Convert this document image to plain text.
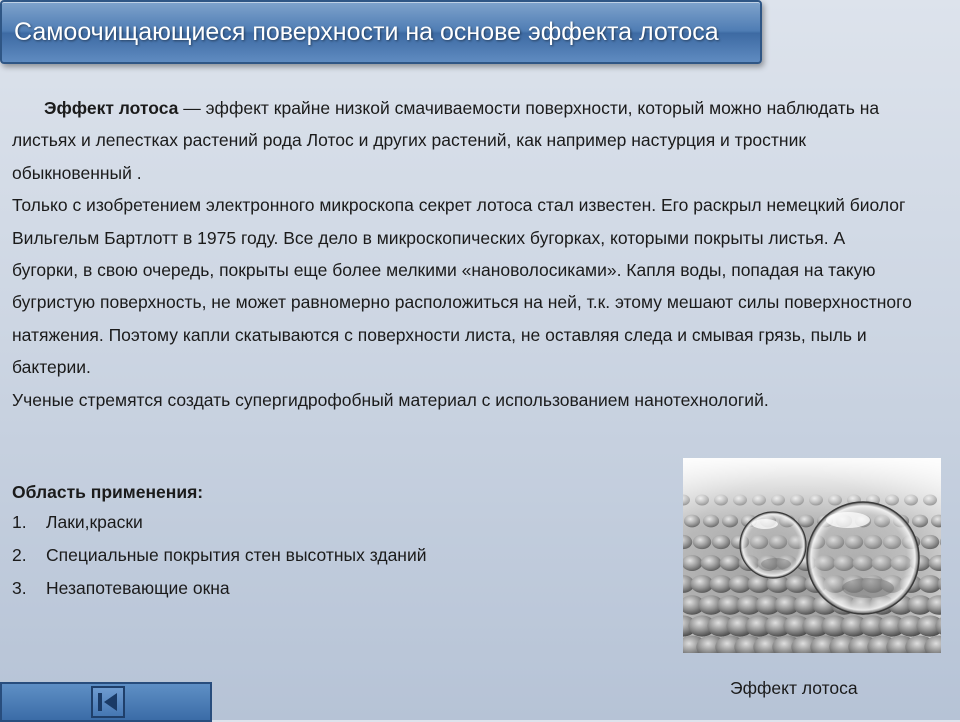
Самоочищающиеся поверхности на основе эффекта лотоса

Эффект лотоса — эффект крайне низкой смачиваемости поверхности, который можно наблюдать на листьях и лепестках растений рода Лотос и других растений, как например настурция и тростник обыкновенный .

Только с изобретением электронного микроскопа секрет лотоса стал известен. Его раскрыл немецкий биолог Вильгельм Бартлотт в 1975 году. Все дело в микроскопических бугорках, которыми покрыты листья. А бугорки, в свою очередь, покрыты еще более мелкими «нановолосиками». Капля воды, попадая на такую бугристую поверхность, не может равномерно расположиться на ней, т.к. этому мешают силы поверхностного натяжения. Поэтому капли скатываются с поверхности листа, не оставляя следа и смывая грязь, пыль и бактерии.

Ученые стремятся создать супергидрофобный материал с использованием нанотехнологий.

Область применения:
1.	Лаки,краски
2.	Специальные покрытия стен высотных зданий
3.	Незапотевающие окна
Эффект лотоса
